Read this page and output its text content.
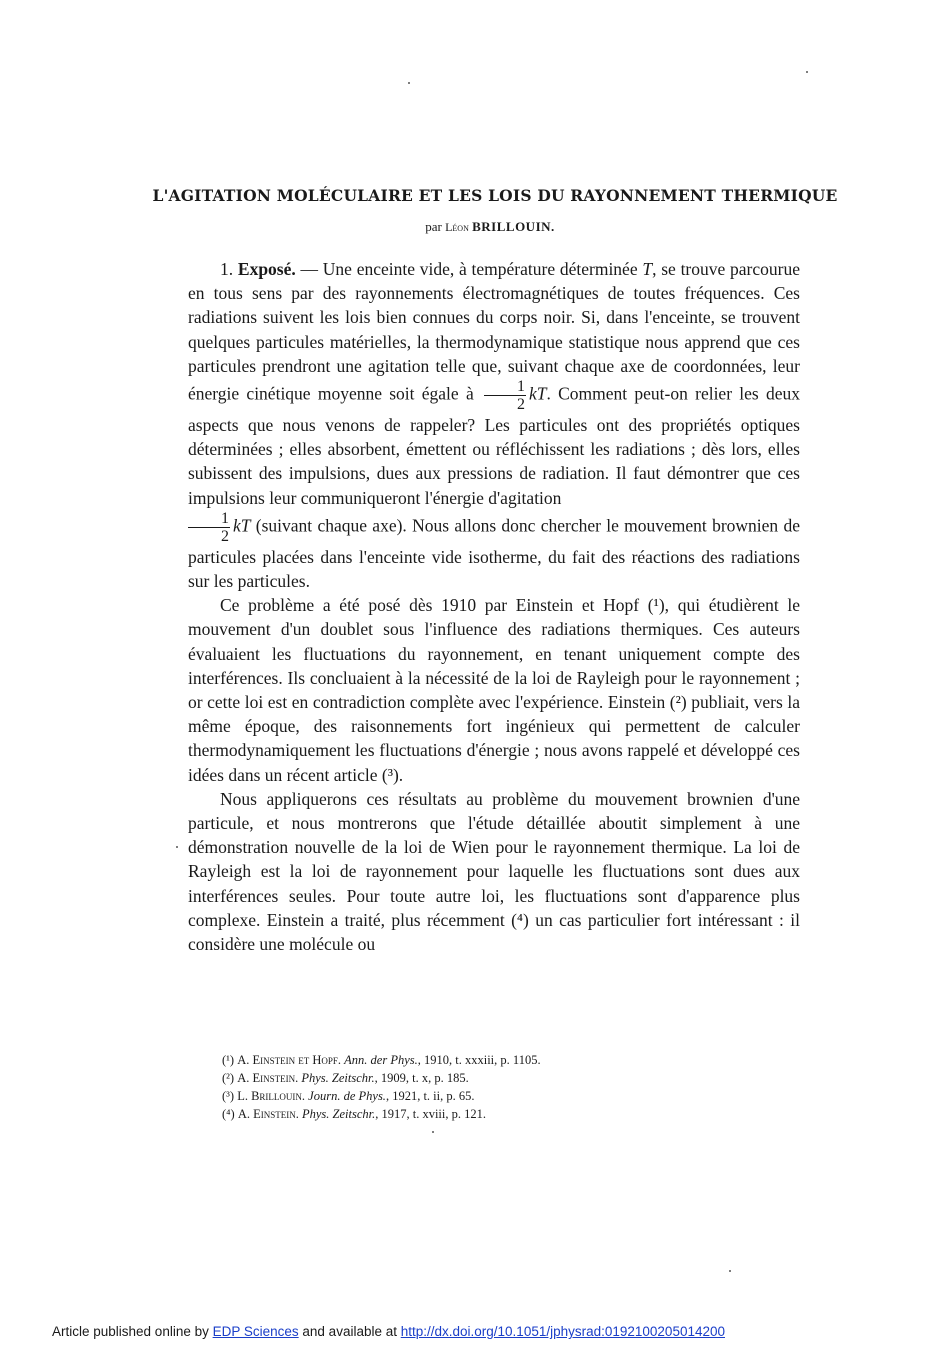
L'AGITATION MOLÉCULAIRE ET LES LOIS DU RAYONNEMENT THERMIQUE
par Léon BRILLOUIN.

1. Exposé. — Une enceinte vide, à température déterminée T, se trouve parcourue en tous sens par des rayonnements électromagnétiques de toutes fréquences. Ces radiations suivent les lois bien connues du corps noir. Si, dans l'enceinte, se trouvent quelques particules matérielles, la thermodynamique statistique nous apprend que ces particules prendront une agitation telle que, suivant chaque axe de coordonnées, leur énergie cinétique moyenne soit égale à $\frac{1}{2}$ kT. Comment peut-on relier les deux aspects que nous venons de rappeler? Les particules ont des propriétés optiques déterminées ; elles absorbent, émettent ou réfléchissent les radiations ; dès lors, elles subissent des impulsions, dues aux pressions de radiation. Il faut démontrer que ces impulsions leur communiqueront l'énergie d'agitation

$\frac{1}{2}$ kT (suivant chaque axe). Nous allons donc chercher le mouvement brownien de particules placées dans l'enceinte vide isotherme, du fait des réactions des radiations sur les particules.

Ce problème a été posé dès 1910 par Einstein et Hopf (¹), qui étudièrent le mouvement d'un doublet sous l'influence des radiations thermiques. Ces auteurs évaluaient les fluctuations du rayonnement, en tenant uniquement compte des interférences. Ils concluaient à la nécessité de la loi de Rayleigh pour le rayonnement ; or cette loi est en contradiction complète avec l'expérience. Einstein (²) publiait, vers la même époque, des raisonnements fort ingénieux qui permettent de calculer thermodynamiquement les fluctuations d'énergie ; nous avons rappelé et développé ces idées dans un récent article (³).

Nous appliquerons ces résultats au problème du mouvement brownien d'une particule, et nous montrerons que l'étude détaillée aboutit simplement à une démonstration nouvelle de la loi de Wien pour le rayonnement thermique. La loi de Rayleigh est la loi de rayonnement pour laquelle les fluctuations sont dues aux interférences seules. Pour toute autre loi, les fluctuations sont d'apparence plus complexe. Einstein a traité, plus récemment (⁴) un cas particulier fort intéressant : il considère une molécule ou

(¹) A. Einstein et Hopf. Ann. der Phys., 1910, t. xxxiii, p. 1105.

(²) A. Einstein. Phys. Zeitschr., 1909, t. x, p. 185.

(³) L. Brillouin. Journ. de Phys., 1921, t. ii, p. 65.

(⁴) A. Einstein. Phys. Zeitschr., 1917, t. xviii, p. 121.

Article published online by EDP Sciences and available at http://dx.doi.org/10.1051/jphysrad:0192100205014200
